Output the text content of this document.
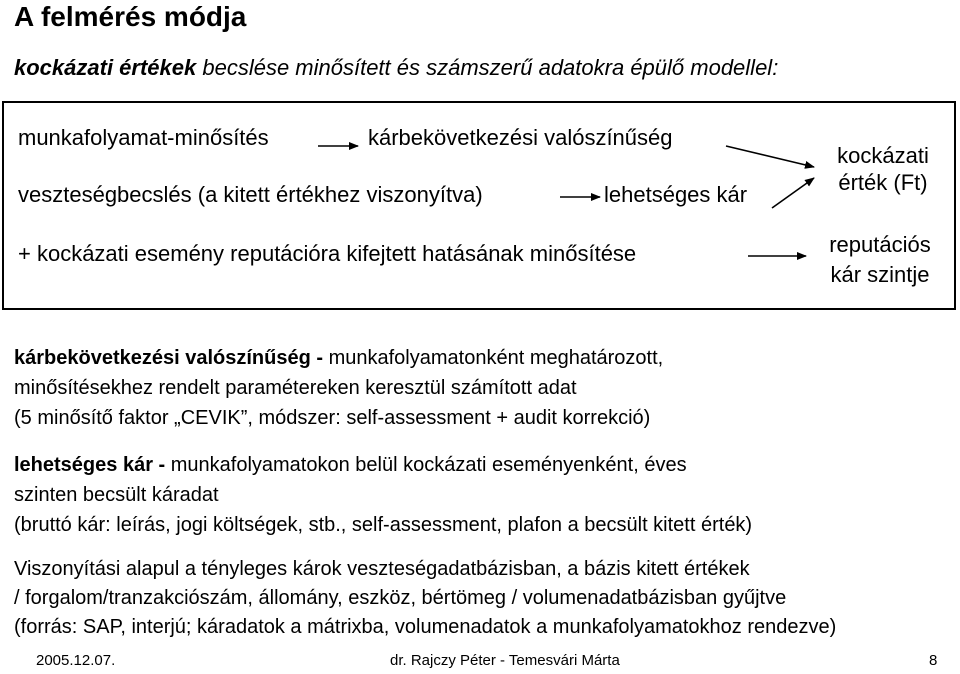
A felmérés módja
kockázati értékek becslése minősített és számszerű adatokra épülő modellel:
munkafolyamat-minősítés	kárbekövetkezési valószínűség
veszteségbecslés (a kitett értékhez viszonyítva)	lehetséges kár
+ kockázati esemény reputációra kifejtett hatásának minősítése
kockázati
érték (Ft)
reputációs
kár szintje
kárbekövetkezési valószínűség - munkafolyamatonként meghatározott,
minősítésekhez rendelt paramétereken keresztül számított adat
(5 minősítő faktor „CEVIK”, módszer: self-assessment + audit korrekció)
lehetséges kár - munkafolyamatokon belül kockázati eseményenként, éves
szinten becsült káradat
(bruttó kár: leírás, jogi költségek, stb., self-assessment, plafon a becsült kitett érték)
Viszonyítási alapul a tényleges károk veszteségadatbázisban, a bázis kitett értékek
/ forgalom/tranzakciószám, állomány, eszköz, bértömeg / volumenadatbázisban gyűjtve
(forrás: SAP, interjú; káradatok a mátrixba, volumenadatok a munkafolyamatokhoz rendezve)
2005.12.07.	dr. Rajczy Péter - Temesvári Márta	8
